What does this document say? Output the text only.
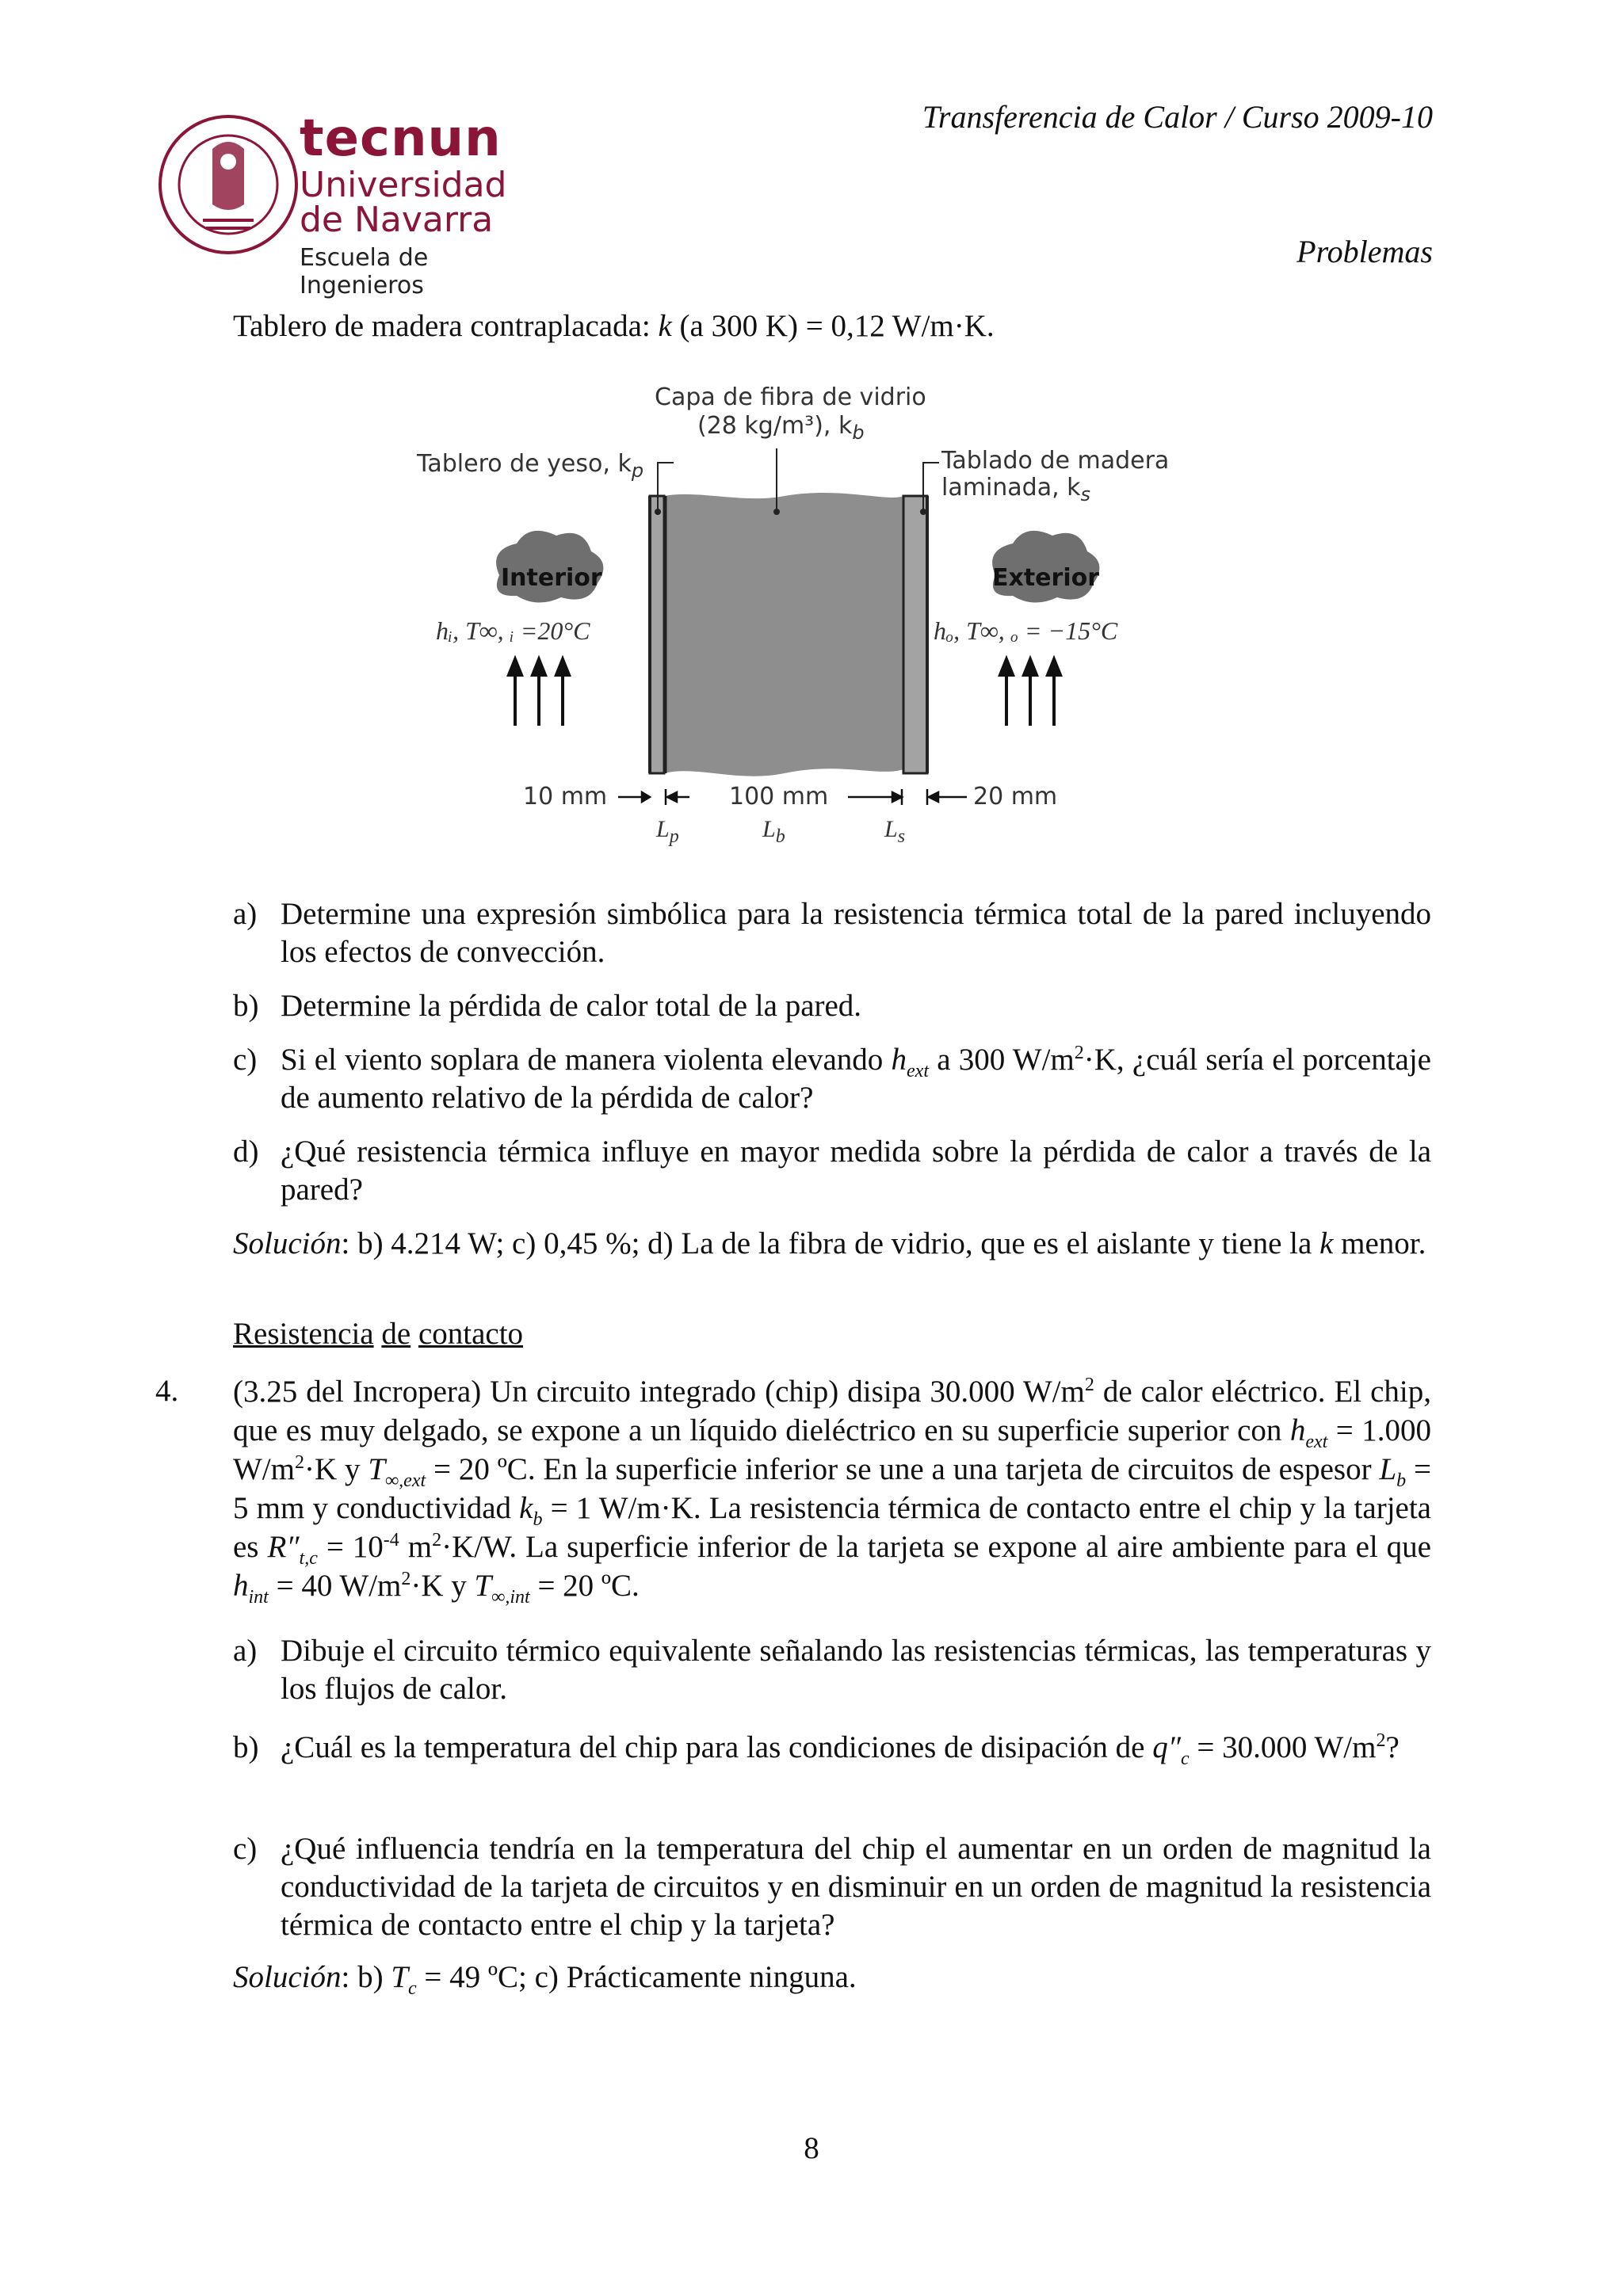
tecnun
Universidad
de Navarra
Escuela de Ingenieros
Transferencia de Calor / Curso 2009-10
Problemas
Tablero de madera contraplacada: k (a 300 K) = 0,12 W/m·K.
Capa de fibra de vidrio
(28 kg/m³), $k_b$
Tablero de yeso, $k_p$	Tablado de madera
laminada, $k_s$
Interior	Exterior
hᵢ, T∞, ᵢ =20°C	hₒ, T∞, ₒ = −15°C
10 mm	100 mm	20 mm
$L_p$	$L_b$	$L_s$
a) Determine una expresión simbólica para la resistencia térmica total de la pared incluyendo los efectos de convección.
b) Determine la pérdida de calor total de la pared.
c) Si el viento soplara de manera violenta elevando $h_{ext}$ a 300 $W/m^2\cdot K$, ¿cuál sería el porcentaje de aumento relativo de la pérdida de calor?
d) ¿Qué resistencia térmica influye en mayor medida sobre la pérdida de calor a través de la pared?
Solución: b) 4.214 W; c) 0,45 %; d) La de la fibra de vidrio, que es el aislante y tiene la k menor.
Resistencia de contacto
4. (3.25 del Incropera) Un circuito integrado (chip) disipa 30.000 $W/m^2$ de calor eléctrico. El chip, que es muy delgado, se expone a un líquido dieléctrico en su superficie superior con $h_{ext} = 1.000$ $W/m^2\cdot K$ y $T_{\infty,ext} = 20$ ºC. En la superficie inferior se une a una tarjeta de circuitos de espesor $L_b = 5$ mm y conductividad $k_b = 1$ W/m·K. La resistencia térmica de contacto entre el chip y la tarjeta es $R''_{t,c} = 10^{-4}$ $m^2\cdot K/W$. La superficie inferior de la tarjeta se expone al aire ambiente para el que $h_{int} = 40$ $W/m^2\cdot K$ y $T_{\infty,int} = 20$ ºC.
a) Dibuje el circuito térmico equivalente señalando las resistencias térmicas, las temperaturas y los flujos de calor.
b) ¿Cuál es la temperatura del chip para las condiciones de disipación de $q''_c = 30.000$ $W/m^2$?
c) ¿Qué influencia tendría en la temperatura del chip el aumentar en un orden de magnitud la conductividad de la tarjeta de circuitos y en disminuir en un orden de magnitud la resistencia térmica de contacto entre el chip y la tarjeta?
Solución: b) $T_c = 49$ ºC; c) Prácticamente ninguna.
8
